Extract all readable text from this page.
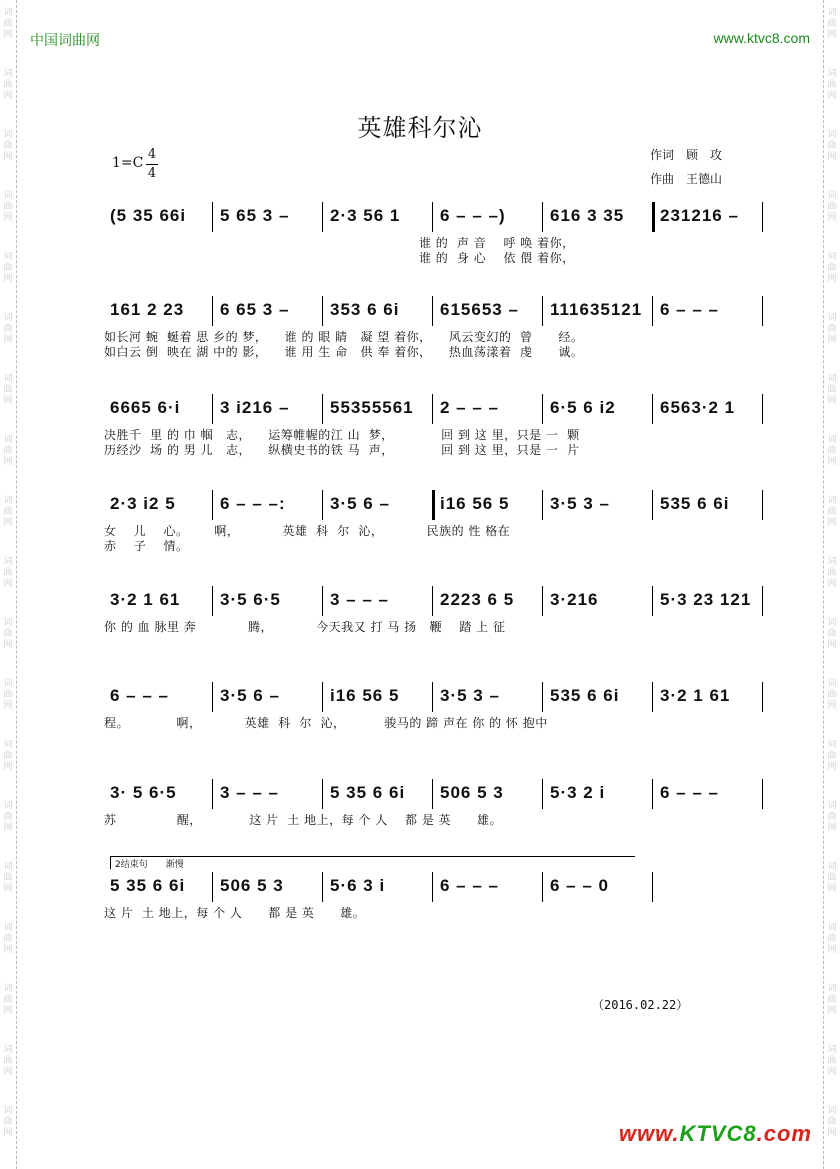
词
曲
网
词
曲
网
词
曲
网
词
曲
网
词
曲
网
词
曲
网
词
曲
网
词
曲
网
词
曲
网
词
曲
网
词
曲
网
词
曲
网
词
曲
网
词
曲
网
词
曲
网
词
曲
网
词
曲
网
词
曲
网
词
曲
网
词
曲
网
词
曲
网
词
曲
网
词
曲
网
词
曲
网
词
曲
网
词
曲
网
词
曲
网
词
曲
网
词
曲
网
词
曲
网
词
曲
网
词
曲
网
词
曲
网
词
曲
网
词
曲
网
词
曲
网
词
曲
网
词
曲
网
中国词曲网	www.ktvc8.com
英雄科尔沁
1=C
4
4
作词　顾　攻
作曲　王德山
(5 35 66i 5 65 3 – 2·3 56 1 6 – – –)	616 3 35 231216 –
谁 的  声 音    呼 唤 着你，
谁 的  身 心    依 偎 着你，
161 2 23 6 65 3 – 353 6 6i 615653 – 111635121 6 – – –
如长河 蜿  蜒着 思 乡的 梦，    谁 的 眼 睛   凝 望 着你，    风云变幻的  曾      经。
如白云 倒  映在 湖 中的 影，    谁 用 生 命   供 奉 着你，    热血荡漾着  虔      诚。
6665 6·i 3 i216 – 55355561 2 – – –	6·5 6 i2	6563·2 1
决胜千  里 的 巾 帼   志，    运筹帷幄的江 山  梦，           回 到 这 里，只是 一  颗
历经沙  场 的 男 儿   志，    纵横史书的铁 马  声，           回 到 这 里，只是 一  片
2·3 i2 5	6 – – –:	3·5 6 –	i16 56 5 3·5 3 –	535 6 6i
女    儿    心。      啊，          英雄  科  尔  沁，          民族的 性 格在
赤    子    情。
3·2 1 61 3·5 6·5	3 – – –	2223 6 5 3·216	5·3 23 121
你 的 血 脉里 奔            腾，          今天我又 打 马 扬   鞭    踏 上 征
6 – – –	3·5 6 –	i16 56 5 3·5 3 –	535 6 6i 3·2 1 61
程。           啊，          英雄  科  尔  沁，         骏马的 蹄 声在 你 的 怀 抱中
3· 5 6·5	3 – – –	5 35 6 6i 506 5 3	5·3 2 i	6 – – –
苏              醒，           这 片  土 地上，每 个 人    都 是 英      雄。
5 35 6 6i 506 5 3	5·6 3 i	6 – – –	6 – – 0
这 片  土 地上，每 个 人      都 是 英      雄。
2结束句　　渐慢
（2016.02.22）
www.KTVC8.com
